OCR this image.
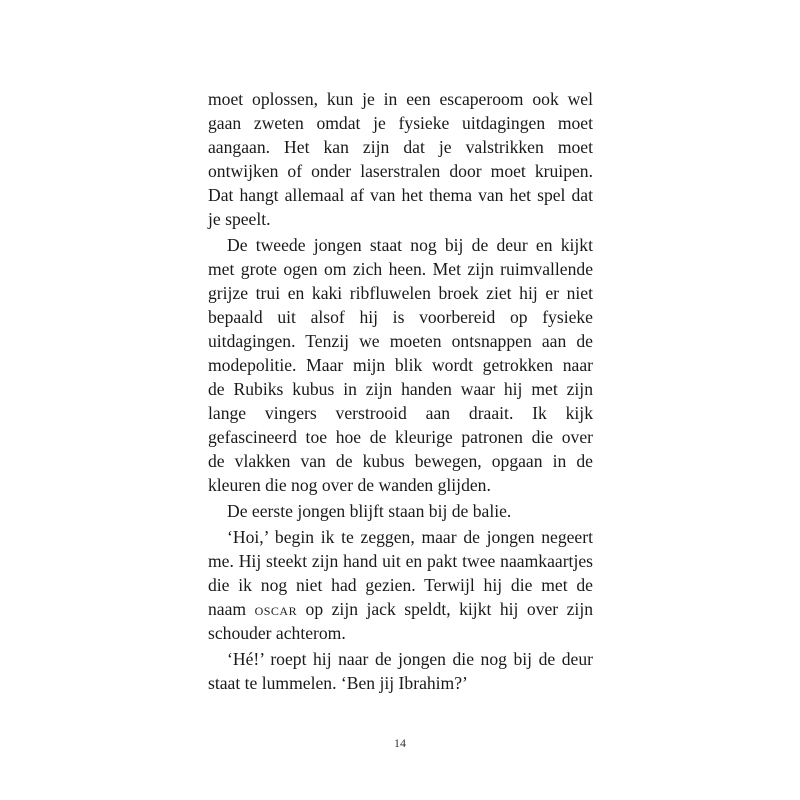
moet oplossen, kun je in een escaperoom ook wel
gaan zweten omdat je fysieke uitdagingen moet
aangaan. Het kan zijn dat je valstrikken moet
ontwijken of onder laserstralen door moet kruipen.
Dat hangt allemaal af van het thema van het spel dat
je speelt.
De tweede jongen staat nog bij de deur en kijkt
met grote ogen om zich heen. Met zijn ruimvallende
grijze trui en kaki ribfluwelen broek ziet hij er niet
bepaald uit alsof hij is voorbereid op fysieke
uitdagingen. Tenzij we moeten ontsnappen aan de
modepolitie. Maar mijn blik wordt getrokken naar
de Rubiks kubus in zijn handen waar hij met zijn
lange vingers verstrooid aan draait. Ik kijk
gefascineerd toe hoe de kleurige patronen die over
de vlakken van de kubus bewegen, opgaan in de
kleuren die nog over de wanden glijden.
De eerste jongen blijft staan bij de balie.
‘Hoi,’ begin ik te zeggen, maar de jongen negeert
me. Hij steekt zijn hand uit en pakt twee naamkaartjes
die ik nog niet had gezien. Terwijl hij die met de
naam oscar op zijn jack speldt, kijkt hij over zijn
schouder achterom.
‘Hé!’ roept hij naar de jongen die nog bij de deur
staat te lummelen. ‘Ben jij Ibrahim?’
14
